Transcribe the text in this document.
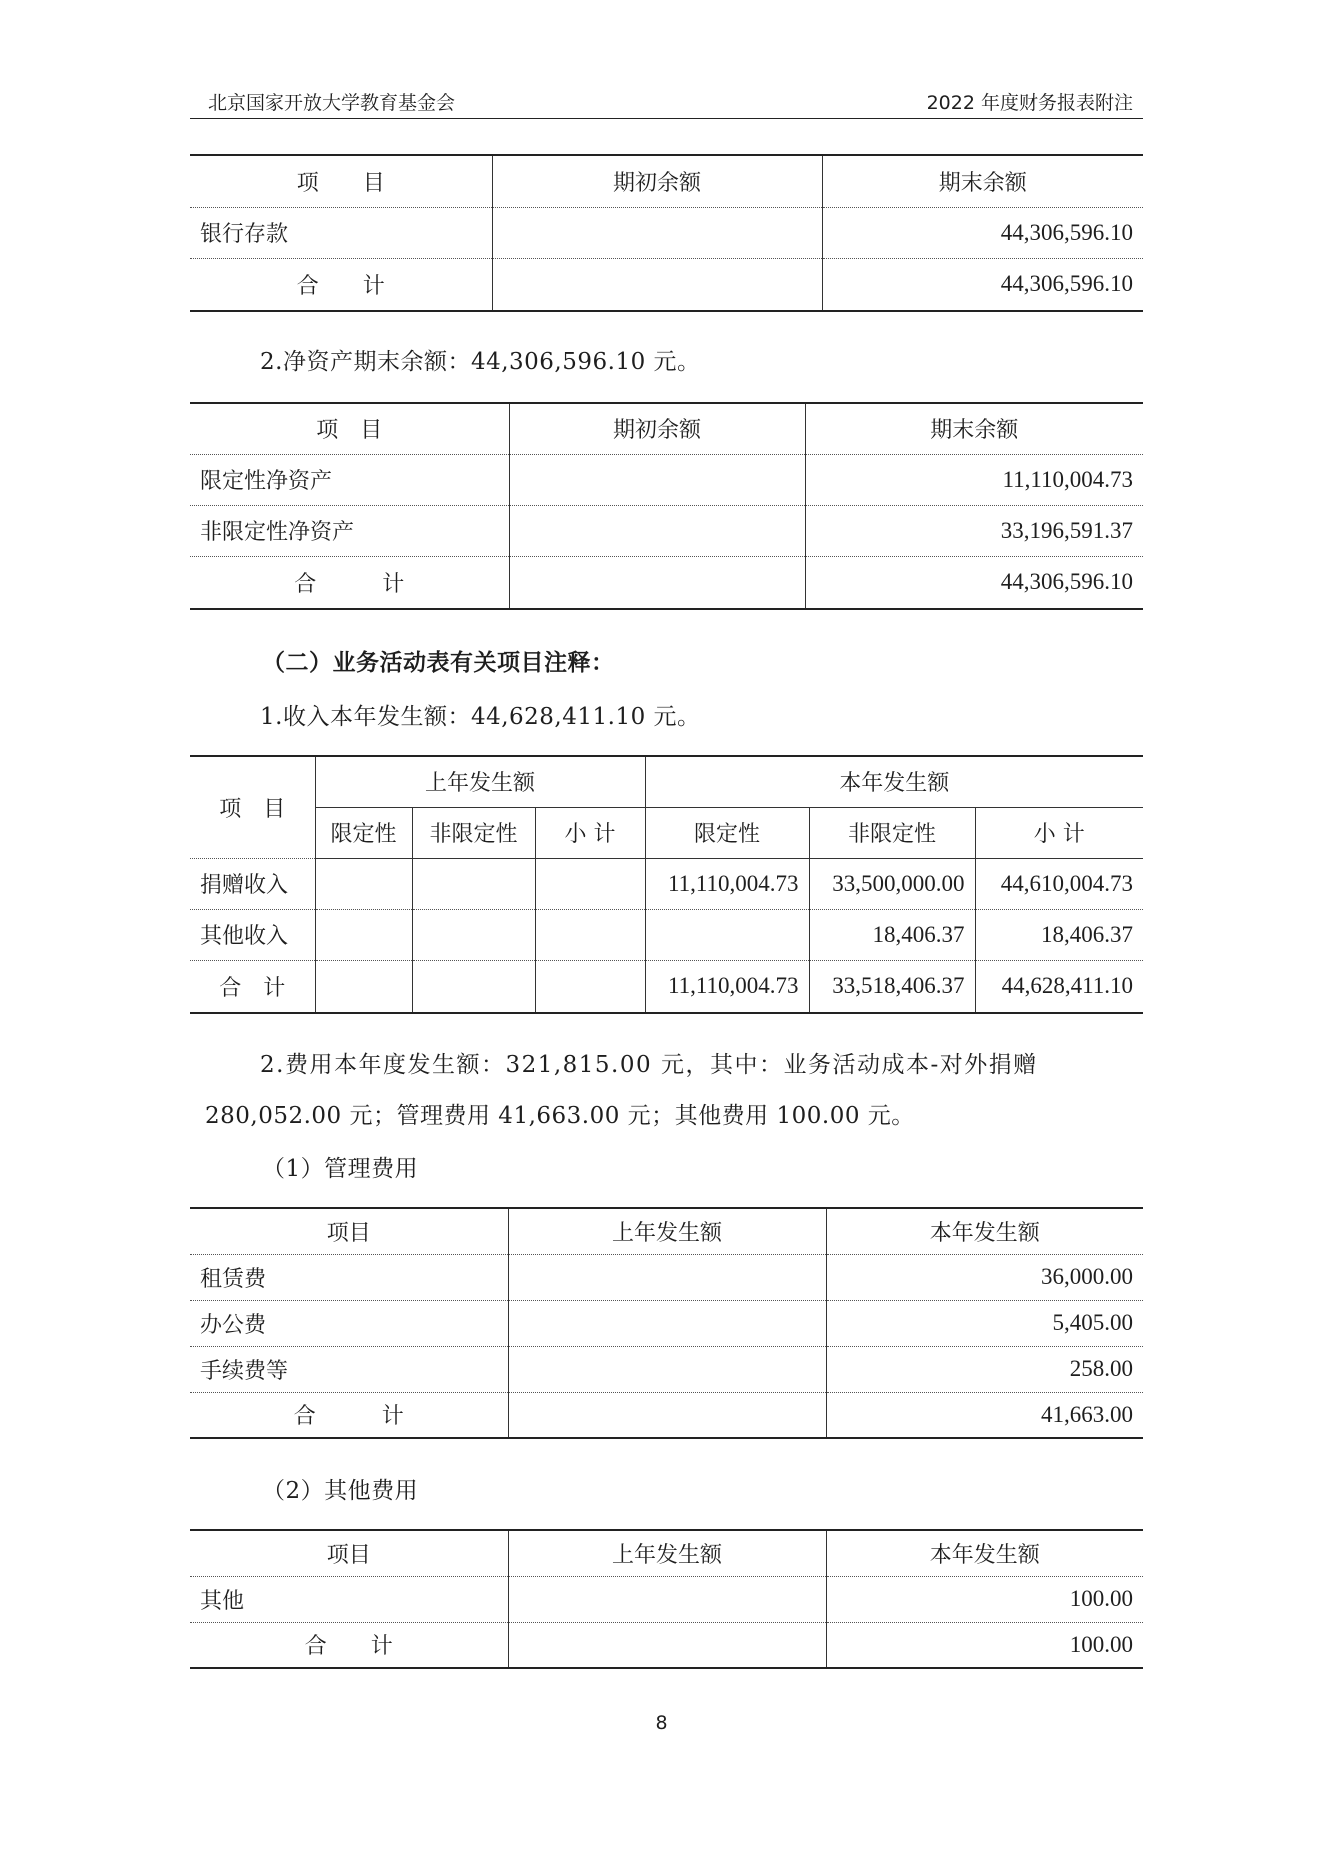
北京国家开放大学教育基金会	2022 年度财务报表附注
项　　目	期初余额	期末余额
银行存款		44,306,596.10
合　　计		44,306,596.10
2.净资产期末余额：44,306,596.10 元。
项　目	期初余额	期末余额
限定性净资产		11,110,004.73
非限定性净资产		33,196,591.37
合　　　计		44,306,596.10
（二）业务活动表有关项目注释：
1.收入本年发生额：44,628,411.10 元。
项　目	上年发生额			本年发生额		
	限定性	非限定性	小 计	限定性	非限定性	小 计
捐赠收入				11,110,004.73	33,500,000.00	44,610,004.73
其他收入					18,406.37	18,406.37
合　计				11,110,004.73	33,518,406.37	44,628,411.10
2.费用本年度发生额：321,815.00 元，其中：业务活动成本-对外捐赠
280,052.00 元；管理费用 41,663.00 元；其他费用 100.00 元。
（1）管理费用
项目	上年发生额	本年发生额
租赁费		36,000.00
办公费		5,405.00
手续费等		258.00
合　　　计		41,663.00
（2）其他费用
项目	上年发生额	本年发生额
其他		100.00
合　　计		100.00
8
